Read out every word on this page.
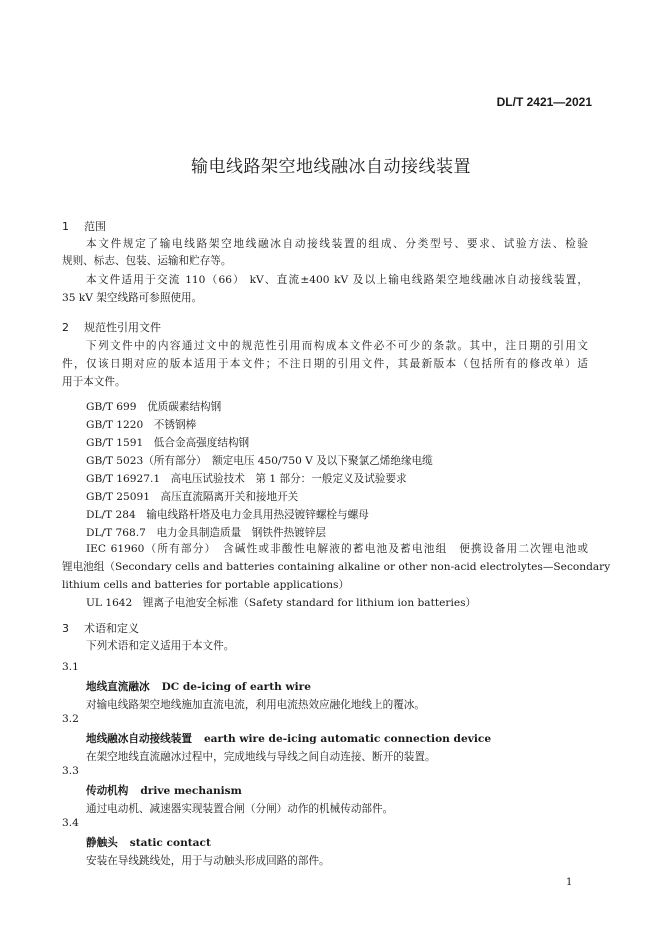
DL/T 2421—2021
输电线路架空地线融冰自动接线装置
1 范围
本文件规定了输电线路架空地线融冰自动接线装置的组成、分类型号、要求、试验方法、检验
规则、标志、包装、运输和贮存等。
本文件适用于交流 110（66） kV、直流±400 kV 及以上输电线路架空地线融冰自动接线装置，
35 kV 架空线路可参照使用。
2 规范性引用文件
下列文件中的内容通过文中的规范性引用而构成本文件必不可少的条款。其中，注日期的引用文
件，仅该日期对应的版本适用于本文件；不注日期的引用文件，其最新版本（包括所有的修改单）适
用于本文件。
GB/T 699　优质碳素结构钢
GB/T 1220　不锈钢棒
GB/T 1591　低合金高强度结构钢
GB/T 5023（所有部分）　额定电压 450/750 V 及以下聚氯乙烯绝缘电缆
GB/T 16927.1　高电压试验技术　第 1 部分：一般定义及试验要求
GB/T 25091　高压直流隔离开关和接地开关
DL/T 284　输电线路杆塔及电力金具用热浸镀锌螺栓与螺母
DL/T 768.7　电力金具制造质量　钢铁件热镀锌层
IEC 61960（所有部分）　含碱性或非酸性电解液的蓄电池及蓄电池组　便携设备用二次锂电池或
锂电池组（Secondary cells and batteries containing alkaline or other non-acid electrolytes—Secondary
lithium cells and batteries for portable applications）
UL 1642　锂离子电池安全标准（Safety standard for lithium ion batteries）
3 术语和定义
下列术语和定义适用于本文件。
3.1
地线直流融冰 DC de-icing of earth wire
对输电线路架空地线施加直流电流，利用电流热效应融化地线上的覆冰。
3.2
地线融冰自动接线装置 earth wire de-icing automatic connection device
在架空地线直流融冰过程中，完成地线与导线之间自动连接、断开的装置。
3.3
传动机构 drive mechanism
通过电动机、减速器实现装置合闸（分闸）动作的机械传动部件。
3.4
静触头 static contact
安装在导线跳线处，用于与动触头形成回路的部件。
1
